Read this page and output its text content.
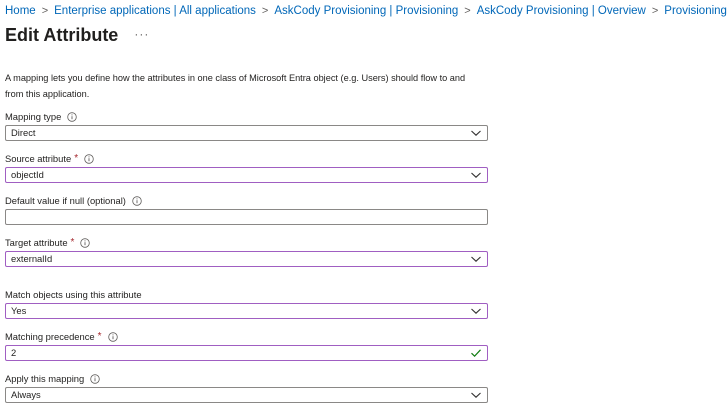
Home > Enterprise applications | All applications > AskCody Provisioning | Provisioning > AskCody Provisioning | Overview > Provisioning
Edit Attribute ···

A mapping lets you define how the attributes in one class of Microsoft Entra object (e.g. Users) should flow to and from this application.

Mapping type
Direct
Source attribute *
objectId
Default value if null (optional)
Target attribute *
externalId
Match objects using this attribute
Yes
Matching precedence *
2
Apply this mapping
Always
